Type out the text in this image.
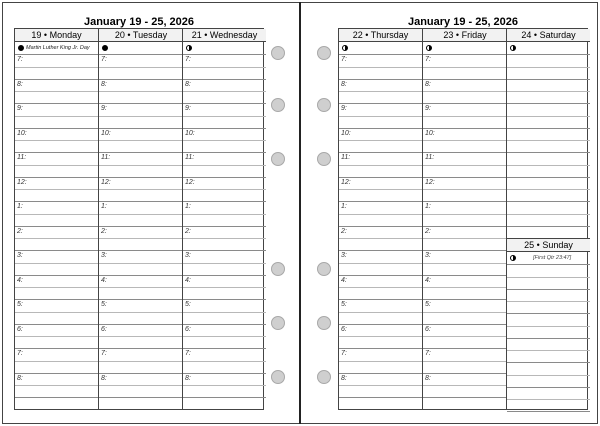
January 19 - 25, 2026	January 19 - 25, 2026
19 • Monday
Martin Luther King Jr. Day
7:
8:
9:
10:
11:
12:
1:
2:
3:
4:
5:
6:
7:
8:
20 • Tuesday
7:
8:
9:
10:
11:
12:
1:
2:
3:
4:
5:
6:
7:
8:
21 • Wednesday
7:
8:
9:
10:
11:
12:
1:
2:
3:
4:
5:
6:
7:
8:
22 • Thursday
7:
8:
9:
10:
11:
12:
1:
2:
3:
4:
5:
6:
7:
8:
23 • Friday
7:
8:
9:
10:
11:
12:
1:
2:
3:
4:
5:
6:
7:
8:
24 • Saturday
25 • Sunday
[First Qtr 23:47]
